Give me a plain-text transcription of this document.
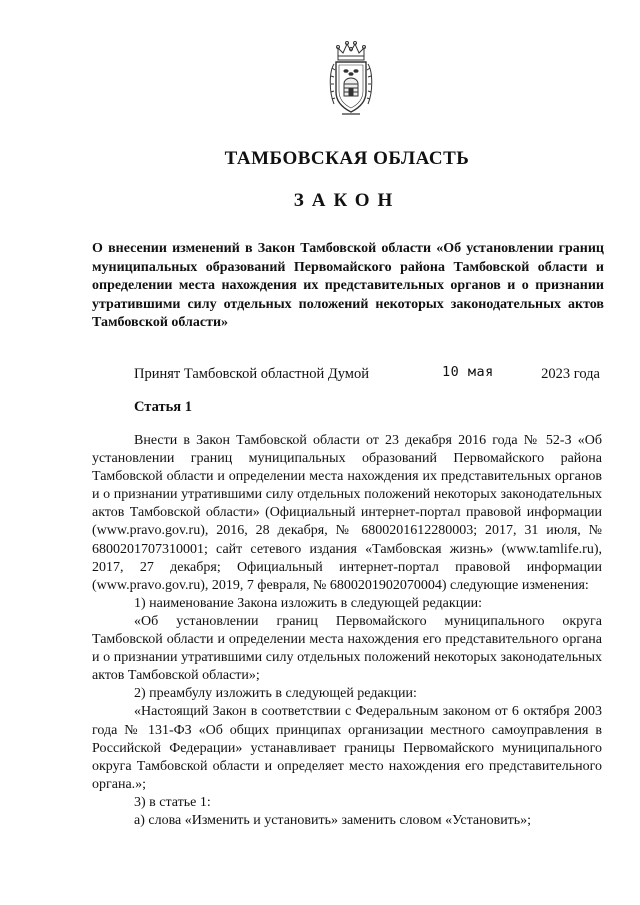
ТАМБОВСКАЯ ОБЛАСТЬ
ЗАКОН
О внесении изменений в Закон Тамбовской области «Об установлении границ муниципальных образований Первомайского района Тамбовской области и определении места нахождения их представительных органов и о признании утратившими силу отдельных положений некоторых законодательных актов Тамбовской области»
Принят Тамбовской областной Думой	10 мая	2023 года
Статья 1

Внести в Закон Тамбовской области от 23 декабря 2016 года № 52-З «Об установлении границ муниципальных образований Первомайского района Тамбовской области и определении места нахождения их представительных органов и о признании утратившими силу отдельных положений некоторых законодательных актов Тамбовской области» (Официальный интернет-портал правовой информации (www.pravo.gov.ru), 2016, 28 декабря, № 6800201612280003; 2017, 31 июля, № 6800201707310001; сайт сетевого издания «Тамбовская жизнь» (www.tamlife.ru), 2017, 27 декабря; Официальный интернет-портал правовой информации (www.pravo.gov.ru), 2019, 7 февраля, № 6800201902070004) следующие изменения:

1) наименование Закона изложить в следующей редакции:

«Об установлении границ Первомайского муниципального округа Тамбовской области и определении места нахождения его представительного органа и о признании утратившими силу отдельных положений некоторых законодательных актов Тамбовской области»;

2) преамбулу изложить в следующей редакции:

«Настоящий Закон в соответствии с Федеральным законом от 6 октября 2003 года № 131-ФЗ «Об общих принципах организации местного самоуправления в Российской Федерации» устанавливает границы Первомайского муниципального округа Тамбовской области и определяет место нахождения его представительного органа.»;

3) в статье 1:

а) слова «Изменить и установить» заменить словом «Установить»;
